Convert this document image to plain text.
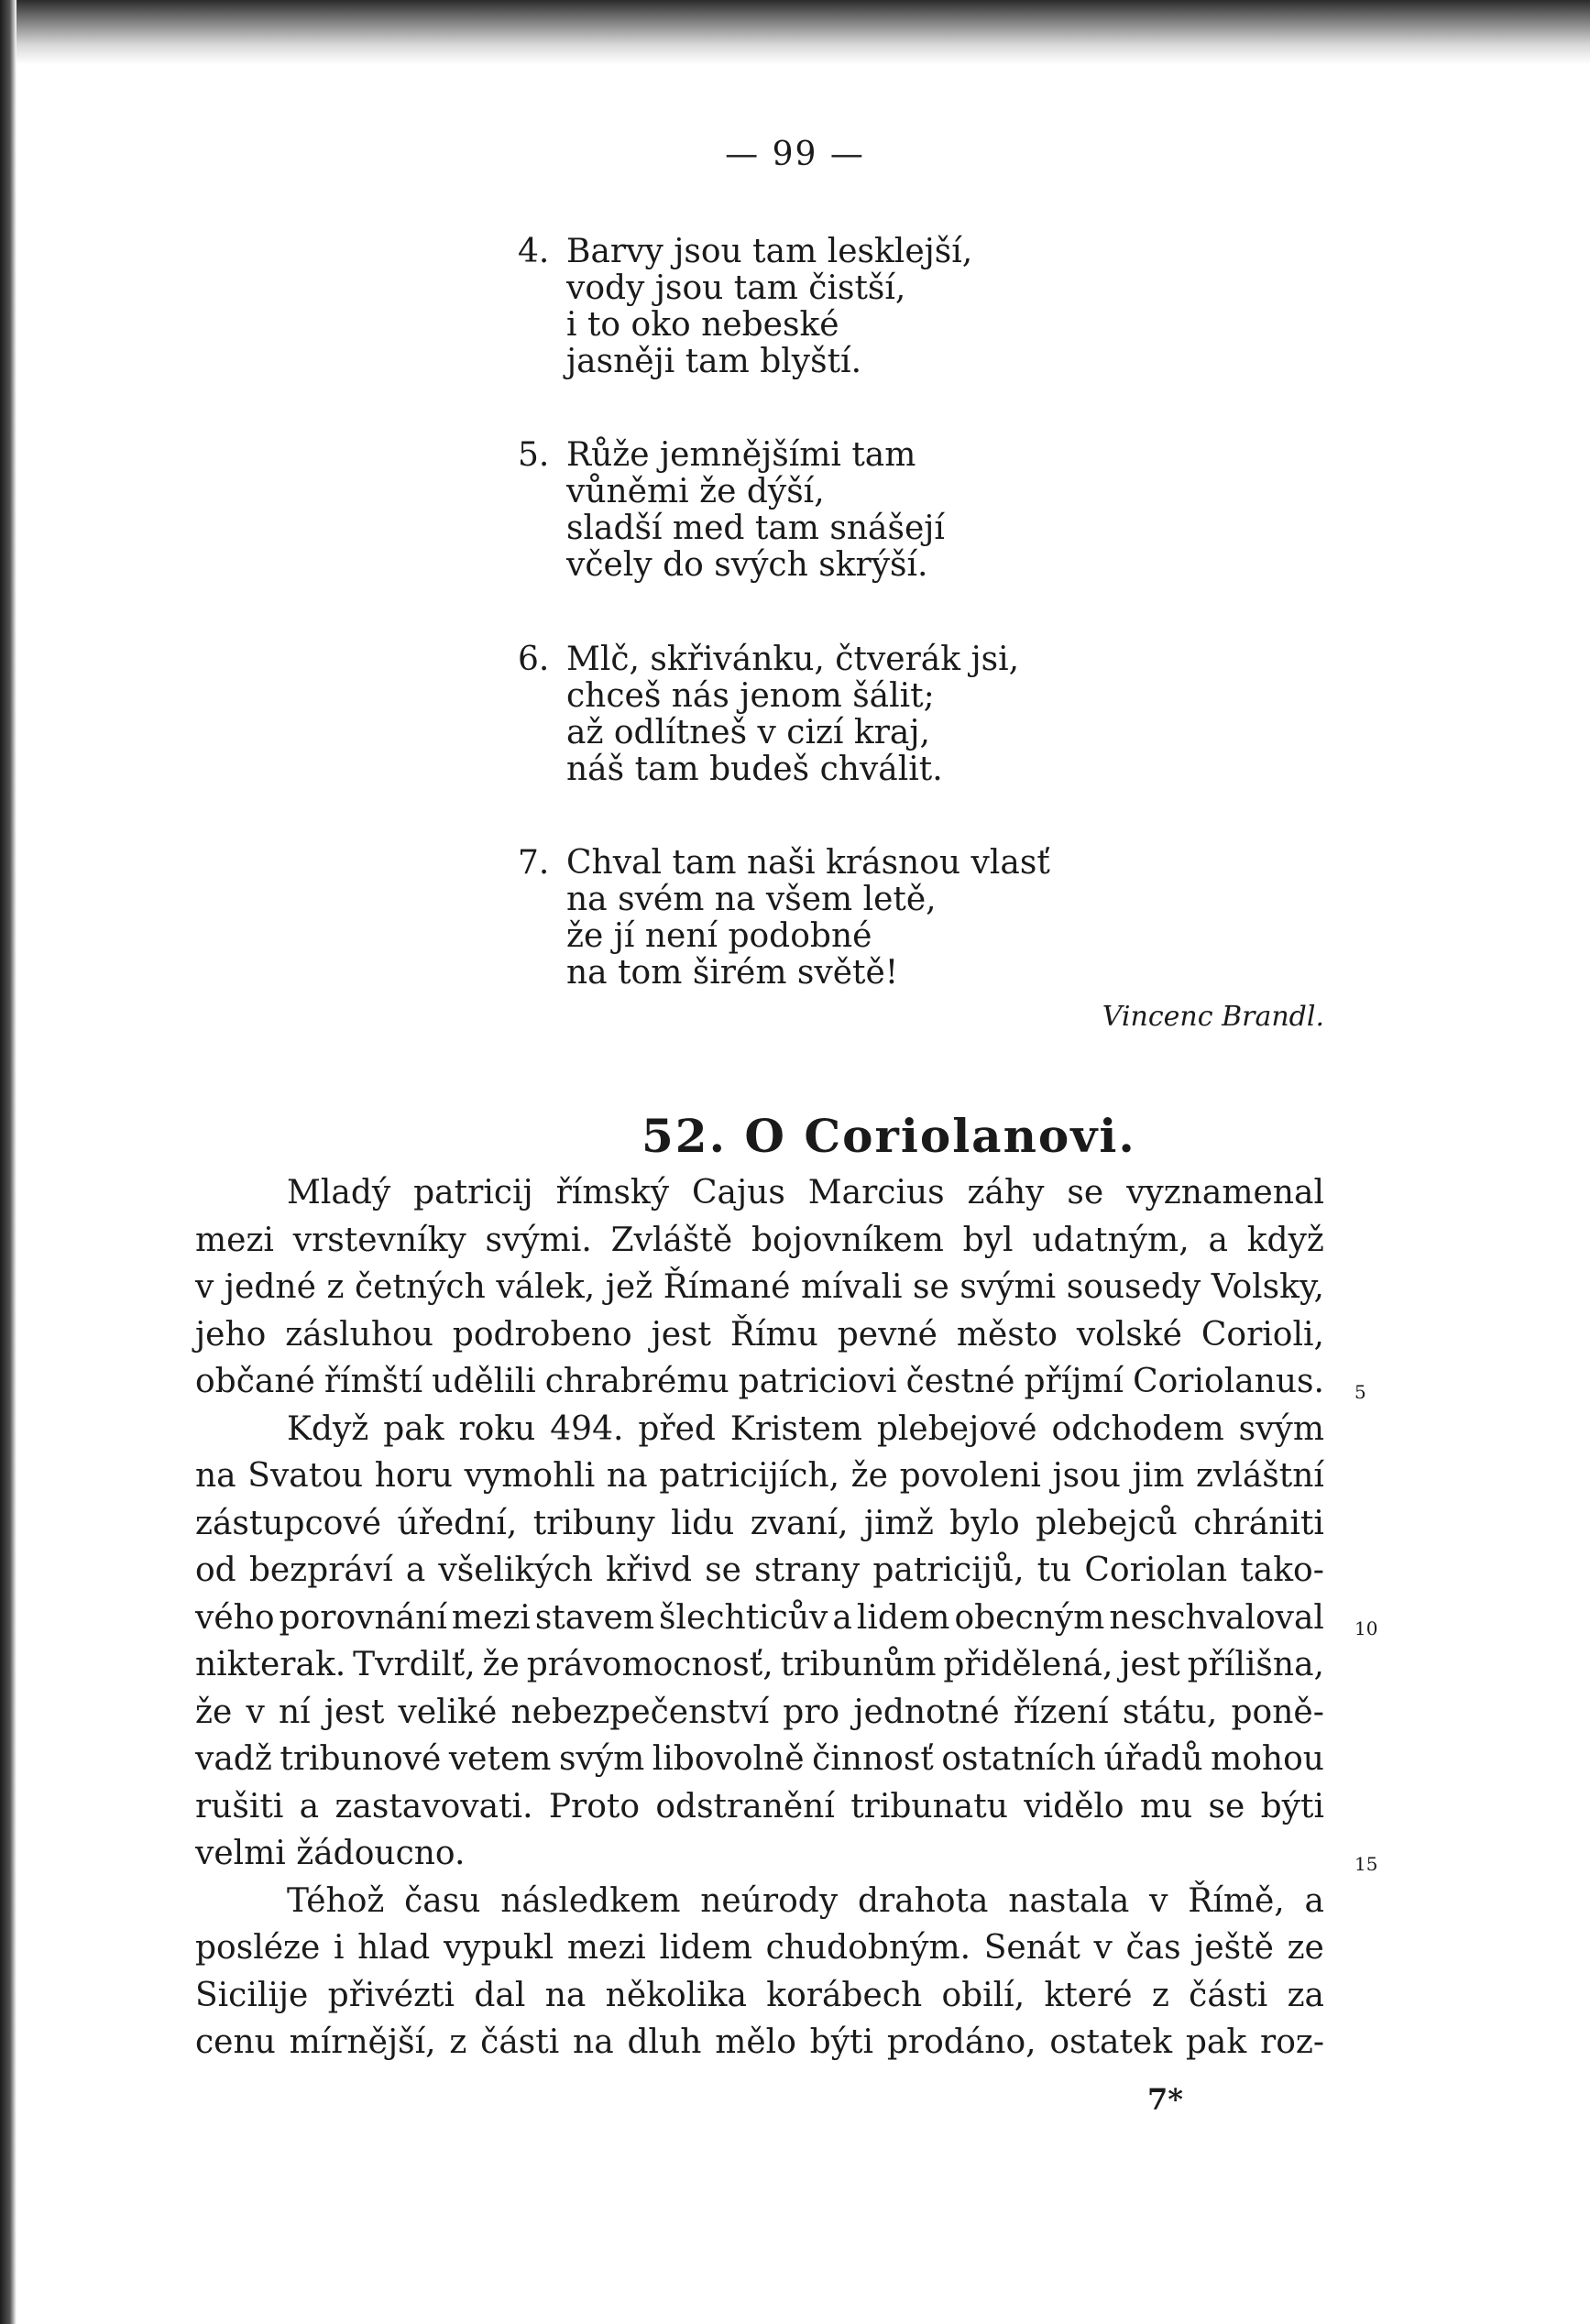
— 99 —
4. Barvy jsou tam lesklejší,
vody jsou tam čistší,
i to oko nebeské
jasněji tam blyští.
5. Růže jemnějšími tam
vůněmi že dýší,
sladší med tam snášejí
včely do svých skrýší.
6. Mlč, skřivánku, čtverák jsi,
chceš nás jenom šálit;
až odlítneš v cizí kraj,
náš tam budeš chválit.
7. Chval tam naši krásnou vlasť
na svém na všem letě,
že jí není podobné
na tom širém světě!
Vincenc Brandl.
52. O Coriolanovi.
Mladý patricij římský Cajus Marcius záhy se vyznamenal
mezi vrstevníky svými. Zvláště bojovníkem byl udatným, a když
v jedné z četných válek, jež Římané mívali se svými sousedy Volsky,
jeho zásluhou podrobeno jest Římu pevné město volské Corioli,
občané římští udělili chrabrému patriciovi čestné příjmí Coriolanus.
Když pak roku 494. před Kristem plebejové odchodem svým
na Svatou horu vymohli na patricijích, že povoleni jsou jim zvláštní
zástupcové úřední, tribuny lidu zvaní, jimž bylo plebejců chrániti
od bezpráví a všelikých křivd se strany patricijů, tu Coriolan tako-
vého porovnání mezi stavem šlechticův a lidem obecným neschvaloval
nikterak. Tvrdilť, že právomocnosť, tribunům přidělená, jest přílišna,
že v ní jest veliké nebezpečenství pro jednotné řízení státu, poně-
vadž tribunové vetem svým libovolně činnosť ostatních úřadů mohou
rušiti a zastavovati. Proto odstranění tribunatu vidělo mu se býti
velmi žádoucno.
Téhož času následkem neúrody drahota nastala v Římě, a
posléze i hlad vypukl mezi lidem chudobným. Senát v čas ještě ze
Sicilije přivézti dal na několika korábech obilí, které z části za
cenu mírnější, z části na dluh mělo býti prodáno, ostatek pak roz-
5
10
15
7*
